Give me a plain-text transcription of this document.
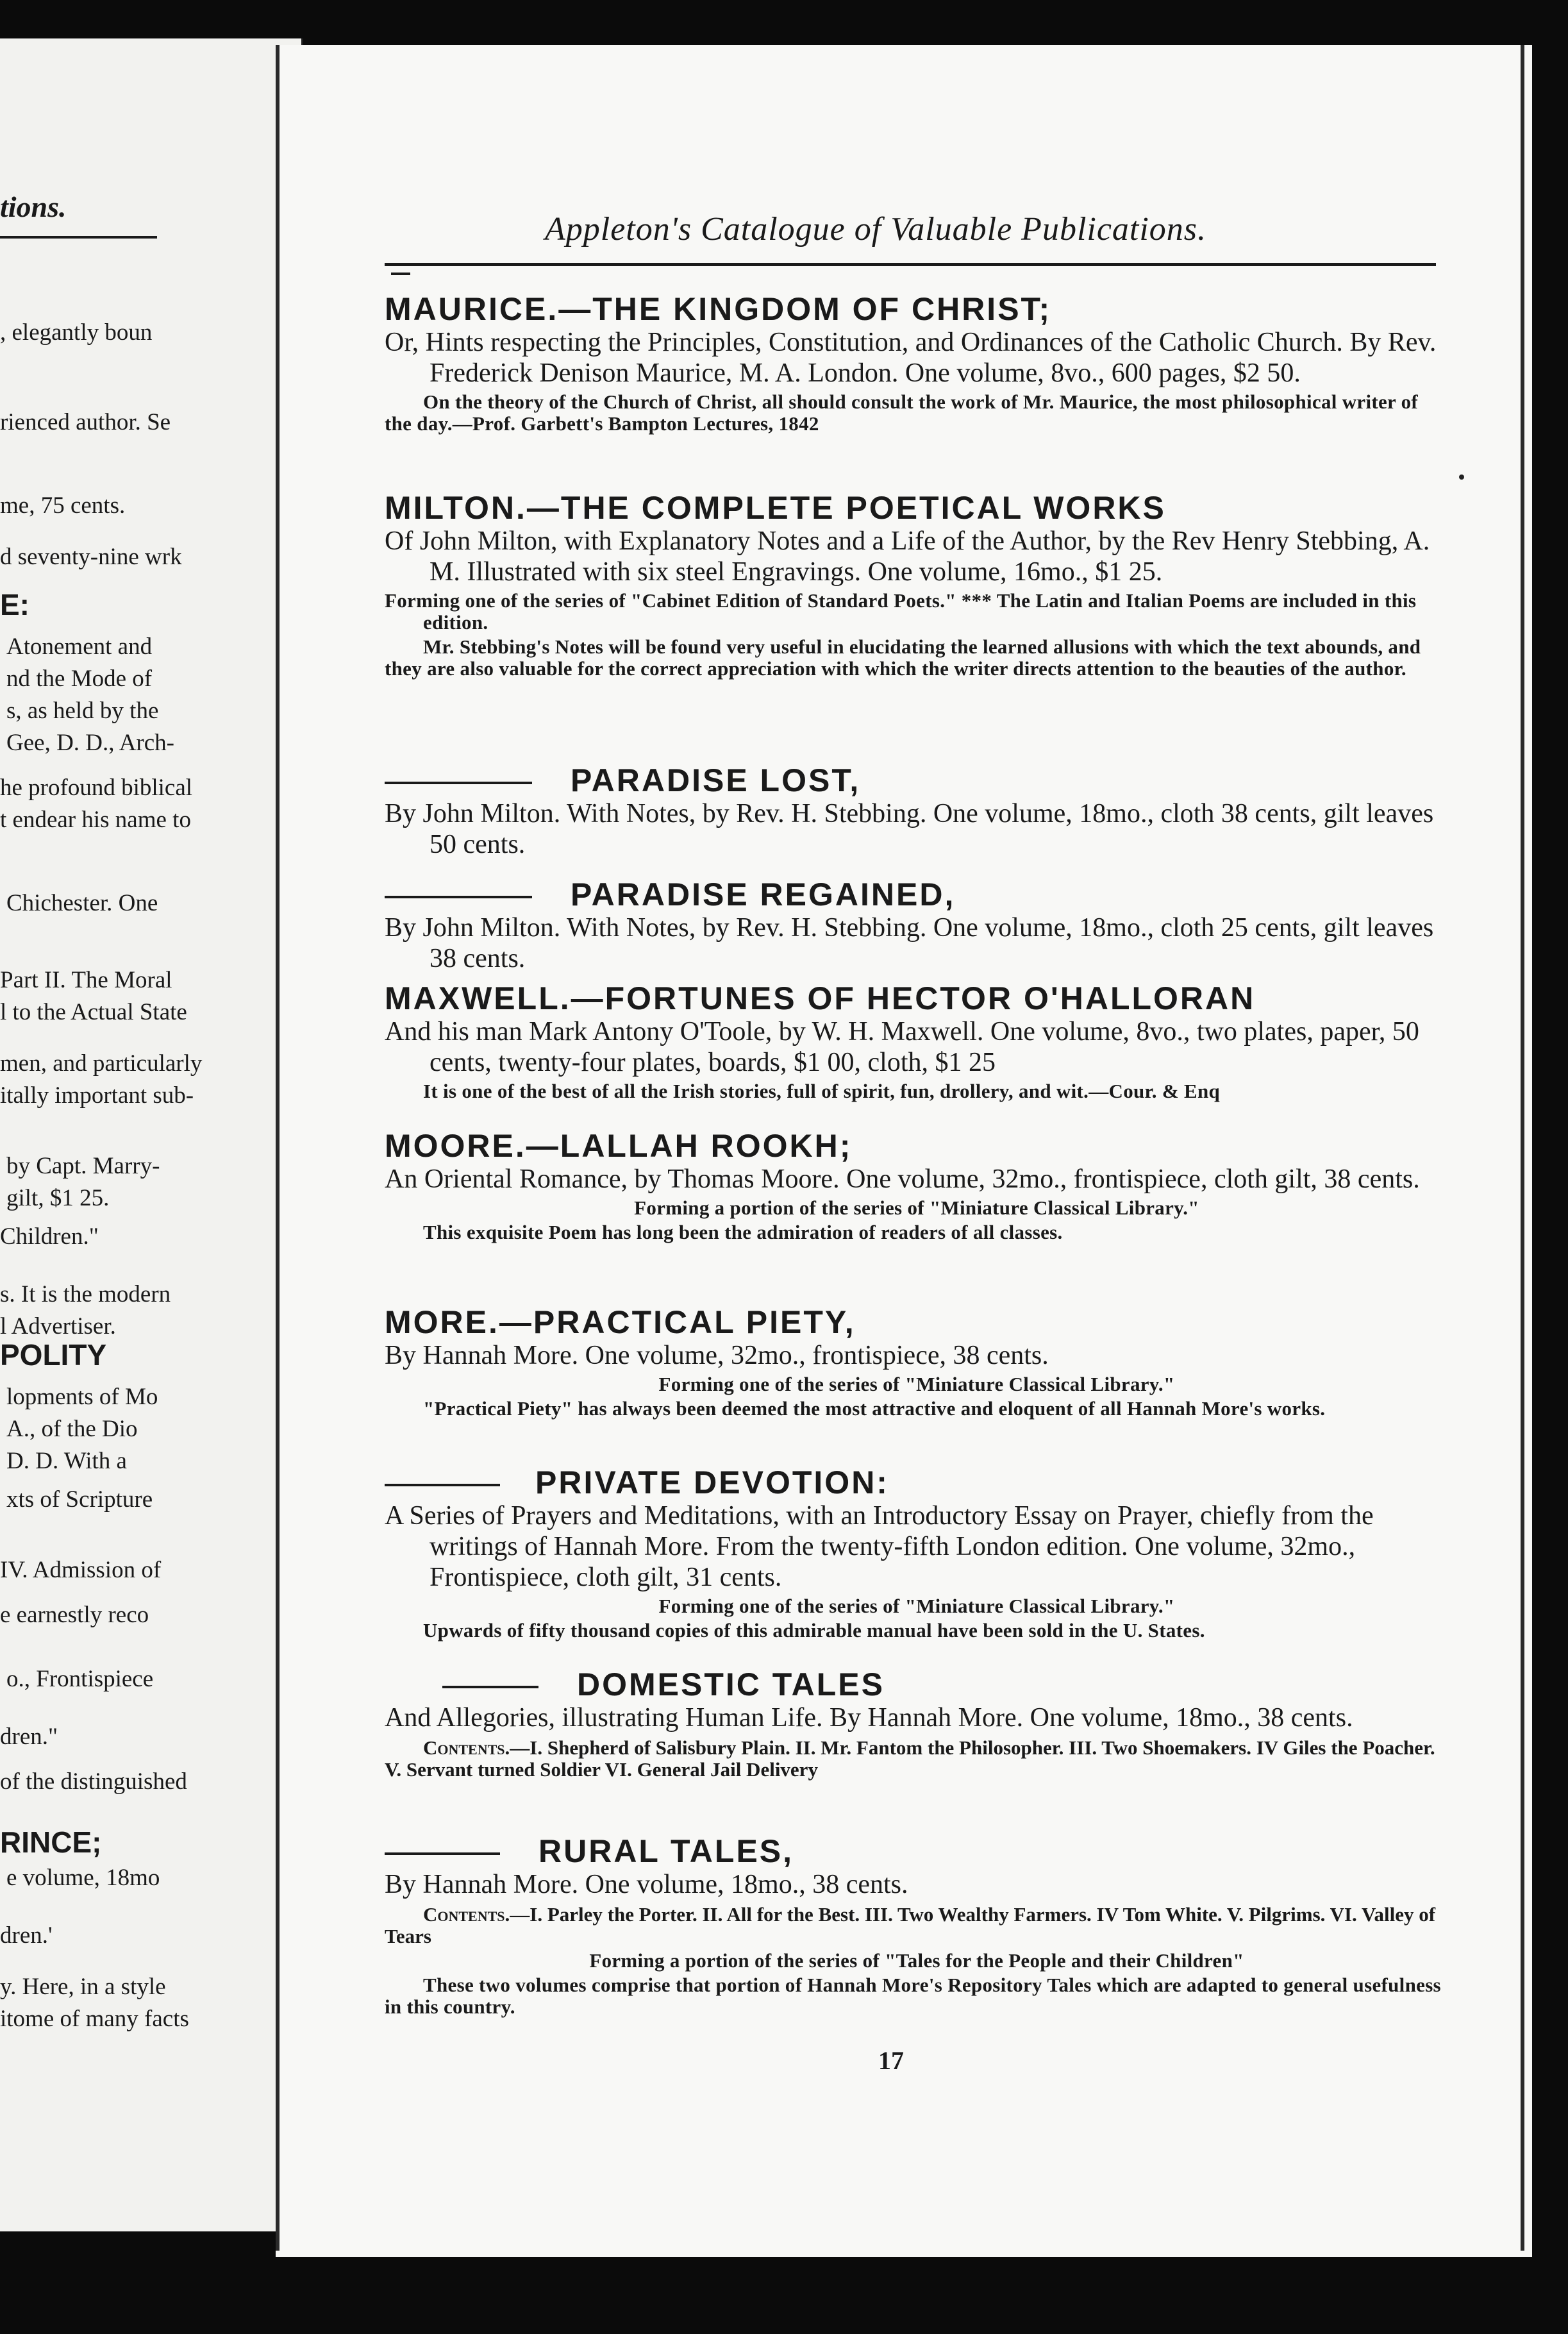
tions.
, elegantly boun
rienced author. Se
me, 75 cents.
d seventy-nine wrk
E:
Atonement and
nd the Mode of
s, as held by the
Gee, D. D., Arch-
he profound biblical
t endear his name to
Chichester. One
Part II. The Moral
l to the Actual State
men, and particularly
itally important sub-
by Capt. Marry-
gilt, $1 25.
Children."
s. It is the modern
l Advertiser.
POLITY
lopments of Mo
A., of the Dio
D. D. With a
xts of Scripture
IV. Admission of
e earnestly reco
o., Frontispiece
dren."
of the distinguished
RINCE;
e volume, 18mo
dren.'
y. Here, in a style
itome of many facts
Appleton's Catalogue of Valuable Publications.
MAURICE.—THE KINGDOM OF CHRIST;

Or, Hints respecting the Principles, Constitution, and Ordinances of the Catholic Church. By Rev. Frederick Denison Maurice, M. A. London. One volume, 8vo., 600 pages, $2 50.

On the theory of the Church of Christ, all should consult the work of Mr. Maurice, the most philosophical writer of the day.—Prof. Garbett's Bampton Lectures, 1842

MILTON.—THE COMPLETE POETICAL WORKS

Of John Milton, with Explanatory Notes and a Life of the Author, by the Rev Henry Stebbing, A. M. Illustrated with six steel Engravings. One volume, 16mo., $1 25.

Forming one of the series of "Cabinet Edition of Standard Poets." *** The Latin and Italian Poems are included in this edition.

Mr. Stebbing's Notes will be found very useful in elucidating the learned allusions with which the text abounds, and they are also valuable for the correct appreciation with which the writer directs attention to the beauties of the author.

PARADISE LOST,

By John Milton. With Notes, by Rev. H. Stebbing. One volume, 18mo., cloth 38 cents, gilt leaves 50 cents.

PARADISE REGAINED,

By John Milton. With Notes, by Rev. H. Stebbing. One volume, 18mo., cloth 25 cents, gilt leaves 38 cents.

MAXWELL.—FORTUNES OF HECTOR O'HALLORAN

And his man Mark Antony O'Toole, by W. H. Maxwell. One volume, 8vo., two plates, paper, 50 cents, twenty-four plates, boards, $1 00, cloth, $1 25

It is one of the best of all the Irish stories, full of spirit, fun, drollery, and wit.—Cour. & Enq

MOORE.—LALLAH ROOKH;

An Oriental Romance, by Thomas Moore. One volume, 32mo., frontispiece, cloth gilt, 38 cents.

Forming a portion of the series of "Miniature Classical Library."

This exquisite Poem has long been the admiration of readers of all classes.

MORE.—PRACTICAL PIETY,

By Hannah More. One volume, 32mo., frontispiece, 38 cents.

Forming one of the series of "Miniature Classical Library."

"Practical Piety" has always been deemed the most attractive and eloquent of all Hannah More's works.

PRIVATE DEVOTION:

A Series of Prayers and Meditations, with an Introductory Essay on Prayer, chiefly from the writings of Hannah More. From the twenty-fifth London edition. One volume, 32mo., Frontispiece, cloth gilt, 31 cents.

Forming one of the series of "Miniature Classical Library."

Upwards of fifty thousand copies of this admirable manual have been sold in the U. States.

DOMESTIC TALES

And Allegories, illustrating Human Life. By Hannah More. One volume, 18mo., 38 cents.

Contents.—I. Shepherd of Salisbury Plain. II. Mr. Fantom the Philosopher. III. Two Shoemakers. IV Giles the Poacher. V. Servant turned Soldier VI. General Jail Delivery

RURAL TALES,

By Hannah More. One volume, 18mo., 38 cents.

Contents.—I. Parley the Porter. II. All for the Best. III. Two Wealthy Farmers. IV Tom White. V. Pilgrims. VI. Valley of Tears

Forming a portion of the series of "Tales for the People and their Children"

These two volumes comprise that portion of Hannah More's Repository Tales which are adapted to general usefulness in this country.

17
